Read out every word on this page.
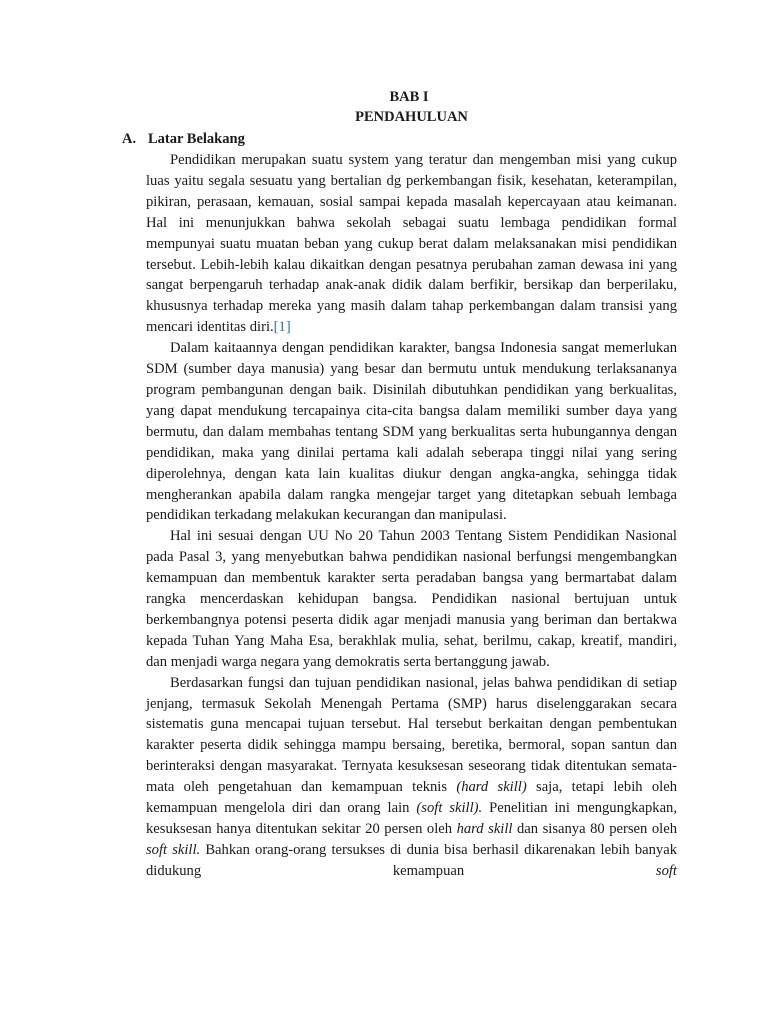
BAB I
PENDAHULUAN
A. Latar Belakang

Pendidikan merupakan suatu system yang teratur dan mengemban misi yang cukup luas yaitu segala sesuatu yang bertalian dg perkembangan fisik, kesehatan, keterampilan, pikiran, perasaan, kemauan, sosial sampai kepada masalah kepercayaan atau keimanan. Hal ini menunjukkan bahwa sekolah sebagai suatu lembaga pendidikan formal mempunyai suatu muatan beban yang cukup berat dalam melaksanakan misi pendidikan tersebut. Lebih-lebih kalau dikaitkan dengan pesatnya perubahan zaman dewasa ini yang sangat berpengaruh terhadap anak-anak didik dalam berfikir, bersikap dan berperilaku, khususnya terhadap mereka yang masih dalam tahap perkembangan dalam transisi yang mencari identitas diri.[1]

Dalam kaitaannya dengan pendidikan karakter, bangsa Indonesia sangat memerlukan SDM (sumber daya manusia) yang besar dan bermutu untuk mendukung terlaksananya program pembangunan dengan baik. Disinilah dibutuhkan pendidikan yang berkualitas, yang dapat mendukung tercapainya cita-cita bangsa dalam memiliki sumber daya yang bermutu, dan dalam membahas tentang SDM yang berkualitas serta hubungannya dengan pendidikan, maka yang dinilai pertama kali adalah seberapa tinggi nilai yang sering diperolehnya, dengan kata lain kualitas diukur dengan angka-angka, sehingga tidak mengherankan apabila dalam rangka mengejar target yang ditetapkan sebuah lembaga pendidikan terkadang melakukan kecurangan dan manipulasi.

Hal ini sesuai dengan UU No 20 Tahun 2003 Tentang Sistem Pendidikan Nasional pada Pasal 3, yang menyebutkan bahwa pendidikan nasional berfungsi mengembangkan kemampuan dan membentuk karakter serta peradaban bangsa yang bermartabat dalam rangka mencerdaskan kehidupan bangsa. Pendidikan nasional bertujuan untuk berkembangnya potensi peserta didik agar menjadi manusia yang beriman dan bertakwa kepada Tuhan Yang Maha Esa, berakhlak mulia, sehat, berilmu, cakap, kreatif, mandiri, dan menjadi warga negara yang demokratis serta bertanggung jawab.

Berdasarkan fungsi dan tujuan pendidikan nasional, jelas bahwa pendidikan di setiap jenjang, termasuk Sekolah Menengah Pertama (SMP) harus diselenggarakan secara sistematis guna mencapai tujuan tersebut. Hal tersebut berkaitan dengan pembentukan karakter peserta didik sehingga mampu bersaing, beretika, bermoral, sopan santun dan berinteraksi dengan masyarakat. Ternyata kesuksesan seseorang tidak ditentukan semata-mata oleh pengetahuan dan kemampuan teknis (hard skill) saja, tetapi lebih oleh kemampuan mengelola diri dan orang lain (soft skill). Penelitian ini mengungkapkan, kesuksesan hanya ditentukan sekitar 20 persen oleh hard skill dan sisanya 80 persen oleh soft skill. Bahkan orang-orang tersukses di dunia bisa berhasil dikarenakan lebih banyak didukung kemampuan soft
